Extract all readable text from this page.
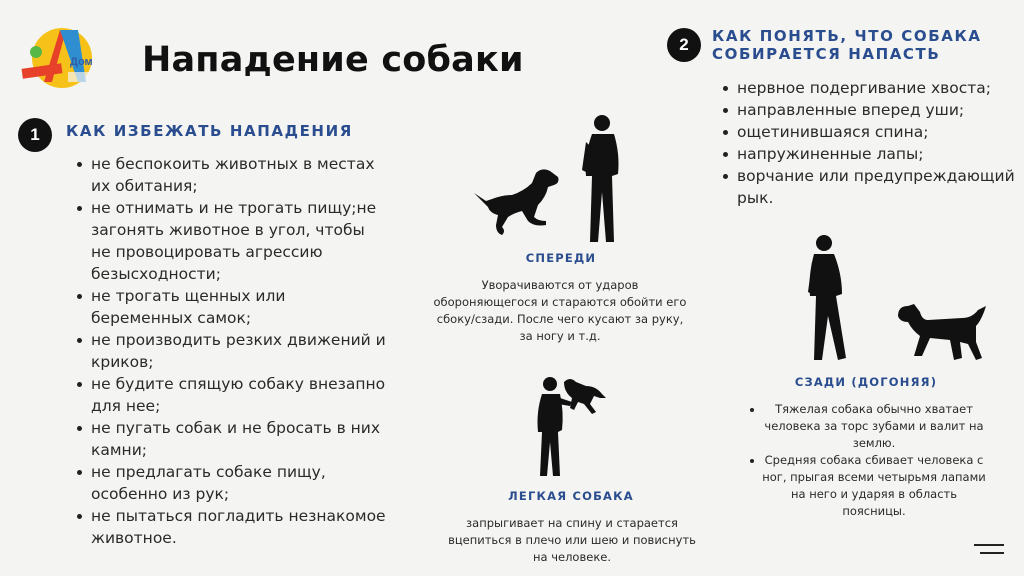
Дом Нападение собаки
1	КАК ИЗБЕЖАТЬ НАПАДЕНИЯ
не беспокоить животных в местах их обитания;
не отнимать и не трогать пищу;не загонять животное в угол, чтобы не провоцировать агрессию безысходности;
не трогать щенных или беременных самок;
не производить резких движений и криков;
не будите спящую собаку внезапно для нее;
не пугать собак и не бросать в них камни;
не предлагать собаке пищу, особенно из рук;
не пытаться погладить незнакомое животное.
СПЕРЕДИ
Уворачиваются от ударов обороняющегося и стараются обойти его сбоку/сзади. После чего кусают за руку, за ногу и т.д.
ЛЕГКАЯ СОБАКА
запрыгивает на спину и старается вцепиться в плечо или шею и повиснуть на человеке.
2	КАК ПОНЯТЬ, ЧТО СОБАКА
СОБИРАЕТСЯ НАПАСТЬ
нервное подергивание хвоста;
направленные вперед уши;
ощетинившаяся спина;
напружиненные лапы;
ворчание или предупреждающий рык.
СЗАДИ (ДОГОНЯЯ)
Тяжелая собака обычно хватает человека за торс зубами и валит на землю.
Средняя собака сбивает человека с ног, прыгая всеми четырьмя лапами на него и ударяя в область поясницы.
